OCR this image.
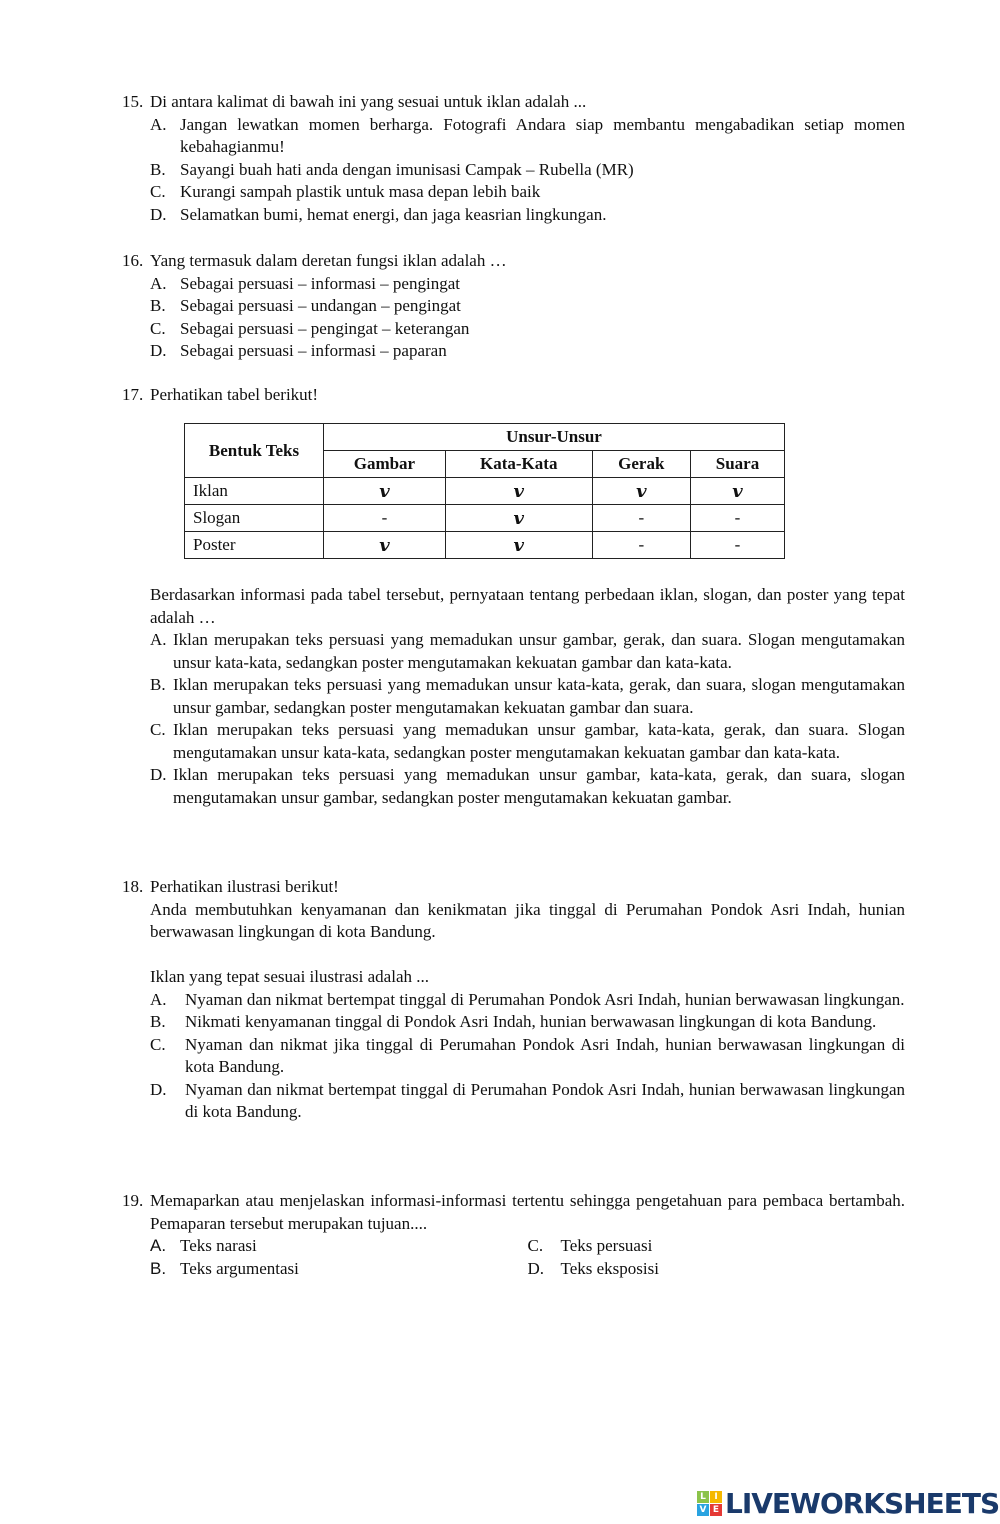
15. Di antara kalimat di bawah ini yang sesuai untuk iklan adalah ...
A. Jangan lewatkan momen berharga. Fotografi Andara siap membantu mengabadikan setiap momen kebahagianmu!
B. Sayangi buah hati anda dengan imunisasi Campak – Rubella (MR)
C. Kurangi sampah plastik untuk masa depan lebih baik
D. Selamatkan bumi, hemat energi, dan jaga keasrian lingkungan.
16. Yang termasuk dalam deretan fungsi iklan adalah …
A. Sebagai persuasi – informasi – pengingat
B. Sebagai persuasi – undangan – pengingat
C. Sebagai persuasi – pengingat – keterangan
D. Sebagai persuasi – informasi – paparan
17. Perhatikan tabel berikut!
Bentuk Teks	Unsur-Unsur			
	Gambar	Kata-Kata	Gerak	Suara
Iklan	v	v	v	v
Slogan	-	v	-	-
Poster	v	v	-	-
Berdasarkan informasi pada tabel tersebut, pernyataan tentang perbedaan iklan, slogan, dan poster yang tepat adalah …
A. Iklan merupakan teks persuasi yang memadukan unsur gambar, gerak, dan suara. Slogan mengutamakan unsur kata-kata, sedangkan poster mengutamakan kekuatan gambar dan kata-kata.
B. Iklan merupakan teks persuasi yang memadukan unsur kata-kata, gerak, dan suara, slogan mengutamakan unsur gambar, sedangkan poster mengutamakan kekuatan gambar dan suara.
C. Iklan merupakan teks persuasi yang memadukan unsur gambar, kata-kata, gerak, dan suara. Slogan mengutamakan unsur kata-kata, sedangkan poster mengutamakan kekuatan gambar dan kata-kata.
D. Iklan merupakan teks persuasi yang memadukan unsur gambar, kata-kata, gerak, dan suara, slogan mengutamakan unsur gambar, sedangkan poster mengutamakan kekuatan gambar.
18. Perhatikan ilustrasi berikut!
Anda membutuhkan kenyamanan dan kenikmatan jika tinggal di Perumahan Pondok Asri Indah, hunian berwawasan lingkungan di kota Bandung.
Iklan yang tepat sesuai ilustrasi adalah ...
A. Nyaman dan nikmat bertempat tinggal di Perumahan Pondok Asri Indah, hunian berwawasan lingkungan.
B. Nikmati kenyamanan tinggal di Pondok Asri Indah, hunian berwawasan lingkungan di kota Bandung.
C. Nyaman dan nikmat jika tinggal di Perumahan Pondok Asri Indah, hunian berwawasan lingkungan di kota Bandung.
D. Nyaman dan nikmat bertempat tinggal di Perumahan Pondok Asri Indah, hunian berwawasan lingkungan di kota Bandung.
19. Memaparkan atau menjelaskan informasi-informasi tertentu sehingga pengetahuan para pembaca bertambah. Pemaparan tersebut merupakan tujuan....
A. Teks narasi
B. Teks argumentasi
C. Teks persuasi
D. Teks eksposisi
L I
V E LIVEWORKSHEETS
